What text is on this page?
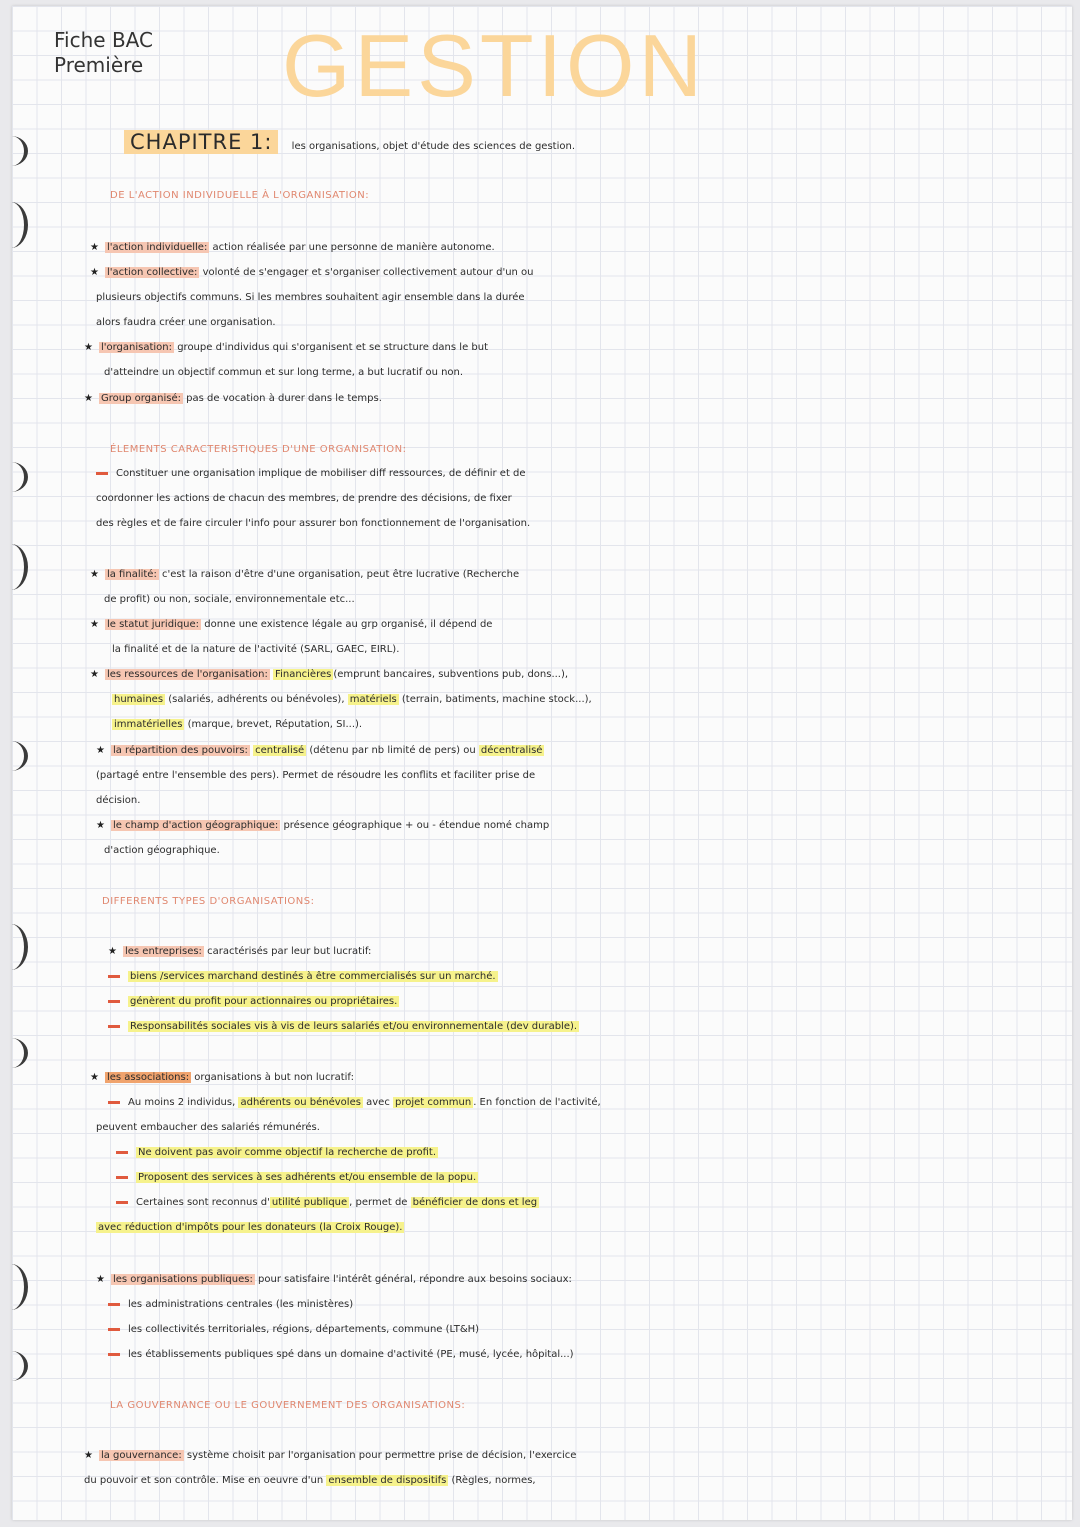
Fiche BAC
Première GESTION
CHAPITRE 1: les organisations, objet d'étude des sciences de gestion.
DE L'ACTION INDIVIDUELLE À L'ORGANISATION:
★ l'action individuelle: action réalisée par une personne de manière autonome.
★ l'action collective: volonté de s'engager et s'organiser collectivement autour d'un ou
plusieurs objectifs communs. Si les membres souhaitent agir ensemble dans la durée
alors faudra créer une organisation.
★ l'organisation: groupe d'individus qui s'organisent et se structure dans le but
d'atteindre un objectif commun et sur long terme, a but lucratif ou non.
★ Group organisé: pas de vocation à durer dans le temps.
ÉLEMENTS CARACTERISTIQUES D'UNE ORGANISATION:
Constituer une organisation implique de mobiliser diff ressources, de définir et de
coordonner les actions de chacun des membres, de prendre des décisions, de fixer
des règles et de faire circuler l'info pour assurer bon fonctionnement de l'organisation.
★ la finalité: c'est la raison d'être d'une organisation, peut être lucrative (Recherche
de profit) ou non, sociale, environnementale etc...
★ le statut juridique: donne une existence légale au grp organisé, il dépend de
la finalité et de la nature de l'activité (SARL, GAEC, EIRL).
★ les ressources de l'organisation: Financières (emprunt bancaires, subventions pub, dons...),
humaines (salariés, adhérents ou bénévoles), matériels (terrain, batiments, machine stock...),
immatérielles (marque, brevet, Réputation, SI...).
★ la répartition des pouvoirs: centralisé (détenu par nb limité de pers) ou décentralisé
(partagé entre l'ensemble des pers). Permet de résoudre les conflits et faciliter prise de
décision.
★ le champ d'action géographique: présence géographique + ou - étendue nomé champ
d'action géographique.
DIFFERENTS TYPES D'ORGANISATIONS:
★ les entreprises: caractérisés par leur but lucratif:
biens /services marchand destinés à être commercialisés sur un marché.
génèrent du profit pour actionnaires ou propriétaires.
Responsabilités sociales vis à vis de leurs salariés et/ou environnementale (dev durable).
★ les associations: organisations à but non lucratif:
Au moins 2 individus, adhérents ou bénévoles avec projet commun . En fonction de l'activité,
peuvent embaucher des salariés rémunérés.
Ne doivent pas avoir comme objectif la recherche de profit.
Proposent des services à ses adhérents et/ou ensemble de la popu.
Certaines sont reconnus d' utilité publique , permet de bénéficier de dons et leg
avec réduction d'impôts pour les donateurs (la Croix Rouge).
★ les organisations publiques: pour satisfaire l'intérêt général, répondre aux besoins sociaux:
les administrations centrales (les ministères)
les collectivités territoriales, régions, départements, commune (LT&H)
les établissements publiques spé dans un domaine d'activité (PE, musé, lycée, hôpital...)
LA GOUVERNANCE OU LE GOUVERNEMENT DES ORGANISATIONS:
★ la gouvernance: système choisit par l'organisation pour permettre prise de décision, l'exercice
du pouvoir et son contrôle. Mise en oeuvre d'un ensemble de dispositifs (Règles, normes,
